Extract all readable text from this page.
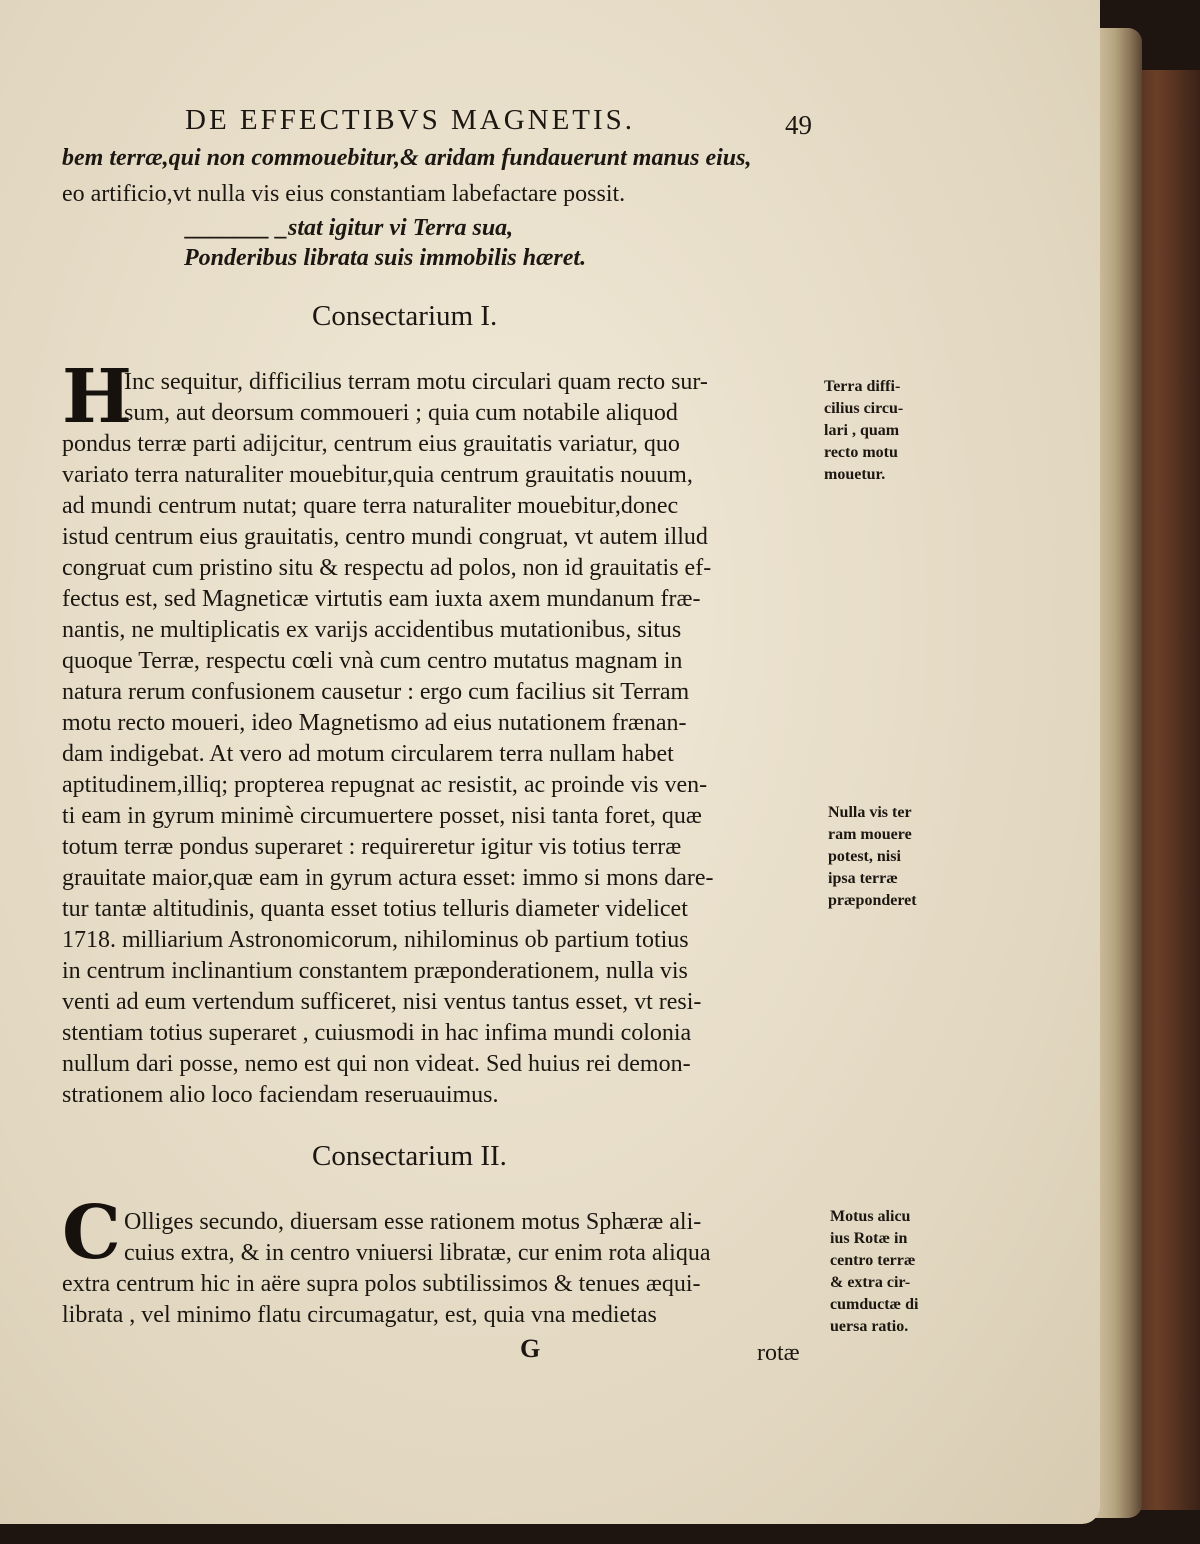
DE EFFECTIBVS MAGNETIS.	49
bem terræ,qui non commouebitur,& aridam fundauerunt manus eius,
eo artificio,vt nulla vis eius constantiam labefactare possit.
_______ _stat igitur vi Terra sua,
Ponderibus librata suis immobilis hæret.
Consectarium I.
H
Inc sequitur, difficilius terram motu circulari quam recto sur-
sum, aut deorsum commoueri ; quia cum notabile aliquod
pondus terræ parti adijcitur, centrum eius grauitatis variatur, quo
variato terra naturaliter mouebitur,quia centrum grauitatis nouum,
ad mundi centrum nutat; quare terra naturaliter mouebitur,donec
istud centrum eius grauitatis, centro mundi congruat, vt autem illud
congruat cum pristino situ & respectu ad polos, non id grauitatis ef-
fectus est, sed Magneticæ virtutis eam iuxta axem mundanum fræ-
nantis, ne multiplicatis ex varijs accidentibus mutationibus, situs
quoque Terræ, respectu cœli vnà cum centro mutatus magnam in
natura rerum confusionem causetur : ergo cum facilius sit Terram
motu recto moueri, ideo Magnetismo ad eius nutationem frænan-
dam indigebat. At vero ad motum circularem terra nullam habet
aptitudinem,illiq; propterea repugnat ac resistit, ac proinde vis ven-
ti eam in gyrum minimè circumuertere posset, nisi tanta foret, quæ
totum terræ pondus superaret : requireretur igitur vis totius terræ
grauitate maior,quæ eam in gyrum actura esset: immo si mons dare-
tur tantæ altitudinis, quanta esset totius telluris diameter videlicet
1718. milliarium Astronomicorum, nihilominus ob partium totius
in centrum inclinantium constantem præponderationem, nulla vis
venti ad eum vertendum sufficeret, nisi ventus tantus esset, vt resi-
stentiam totius superaret , cuiusmodi in hac infima mundi colonia
nullum dari posse, nemo est qui non videat. Sed huius rei demon-
strationem alio loco faciendam reseruauimus.
Consectarium II.
C Olliges secundo, diuersam esse rationem motus Sphæræ ali-
cuius extra, & in centro vniuersi libratæ, cur enim rota aliqua
extra centrum hic in aëre supra polos subtilissimos & tenues æqui-
librata , vel minimo flatu circumagatur, est, quia vna medietas
G	rotæ
Terra diffi-
cilius circu-
lari , quam
recto motu
mouetur.
Nulla vis ter
ram mouere
potest, nisi
ipsa terræ
præponderet
Motus alicu
ius Rotæ in
centro terræ
& extra cir-
cumductæ di
uersa ratio.
